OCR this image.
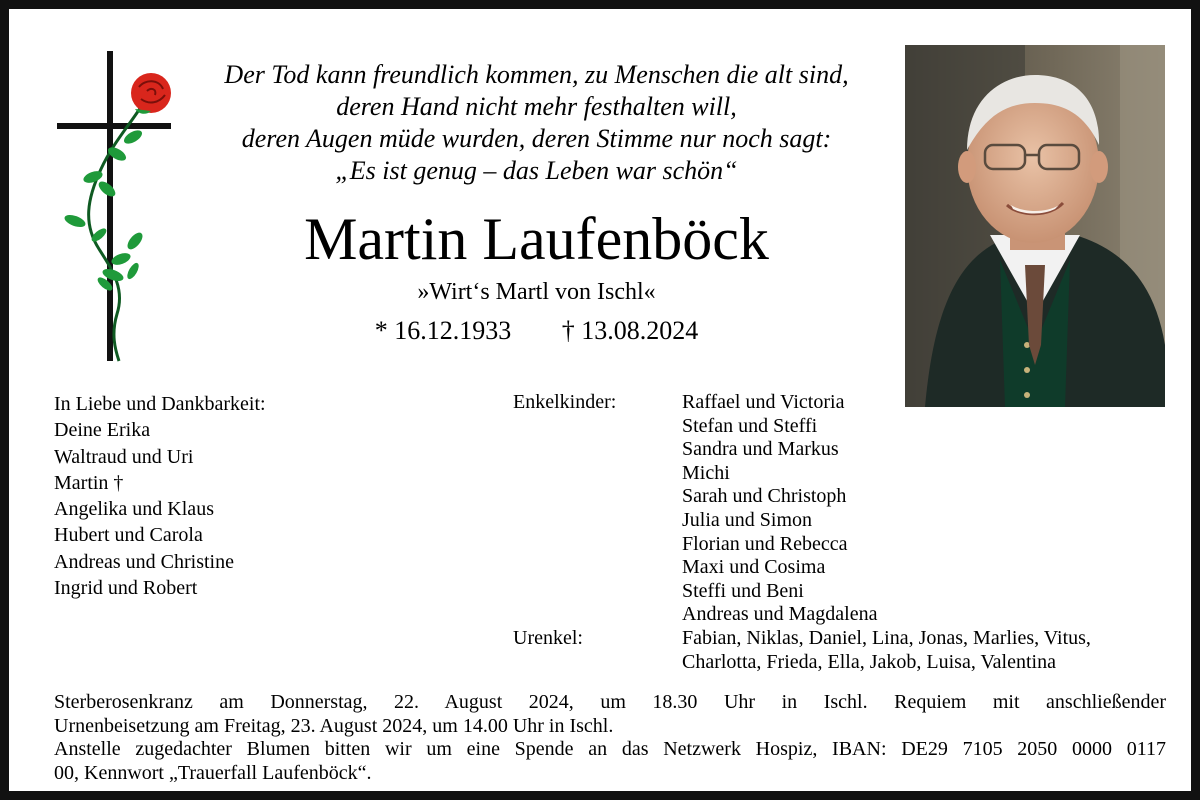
Der Tod kann freundlich kommen, zu Menschen die alt sind,
deren Hand nicht mehr festhalten will,
deren Augen müde wurden, deren Stimme nur noch sagt:
„Es ist genug – das Leben war schön“
Martin Laufenböck
»Wirt‘s Martl von Ischl«
* 16.12.1933 † 13.08.2024
In Liebe und Dankbarkeit:
Deine Erika
Waltraud und Uri
Martin †
Angelika und Klaus
Hubert und Carola
Andreas und Christine
Ingrid und Robert
Enkelkinder:	Raffael und Victoria
Stefan und Steffi
Sandra und Markus
Michi
Sarah und Christoph
Julia und Simon
Florian und Rebecca
Maxi und Cosima
Steffi und Beni
Andreas und Magdalena
Urenkel:	Fabian, Niklas, Daniel, Lina, Jonas, Marlies, Vitus,
Charlotta, Frieda, Ella, Jakob, Luisa, Valentina

Sterberosenkranz am Donnerstag, 22. August 2024, um 18.30 Uhr in Ischl. Requiem mit anschließender

Urnenbeisetzung am Freitag, 23. August 2024, um 14.00 Uhr in Ischl.

Anstelle zugedachter Blumen bitten wir um eine Spende an das Netzwerk Hospiz, IBAN: DE29 7105 2050 0000 0117

00, Kennwort „Trauerfall Laufenböck“.
